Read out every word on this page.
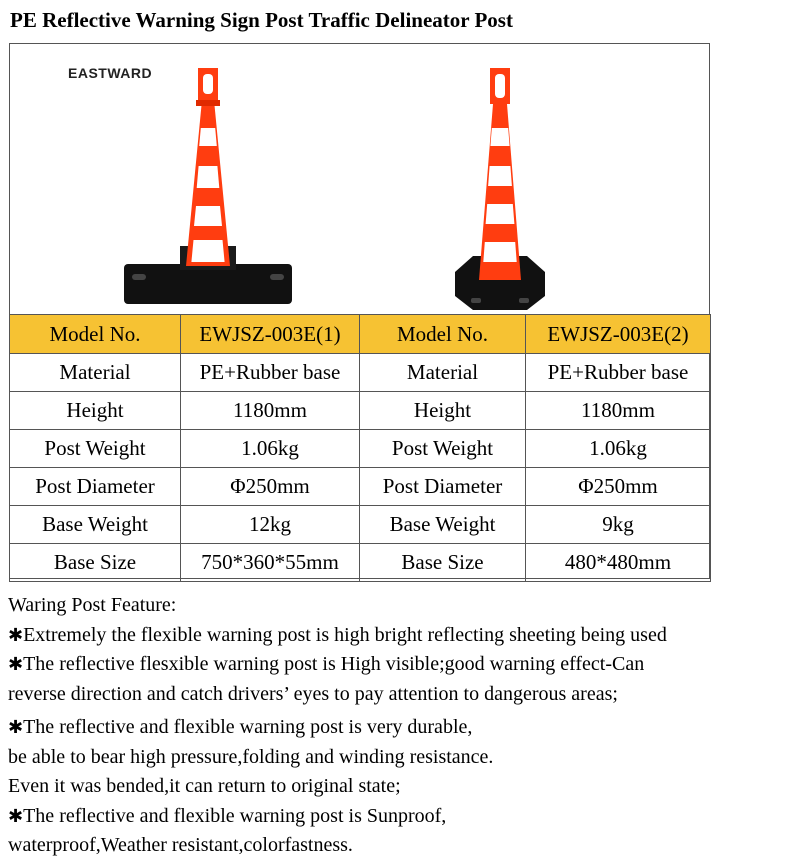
PE Reflective Warning Sign Post Traffic Delineator Post
EASTWARD
Model No.	EWJSZ-003E(1)	Model No.	EWJSZ-003E(2)
Material	PE+Rubber base	Material	PE+Rubber base
Height	1180mm	Height	1180mm
Post Weight	1.06kg	Post Weight	1.06kg
Post Diameter	Φ250mm	Post Diameter	Φ250mm
Base Weight	12kg	Base Weight	9kg
Base Size	750*360*55mm	Base Size	480*480mm

Waring Post Feature:

✱Extremely the flexible warning post is high bright reflecting sheeting being used

✱The reflective flesxible warning post is High visible;good warning effect-Can

reverse direction and catch drivers’ eyes to pay attention to dangerous areas;

✱The reflective and flexible warning post is very durable,

be able to bear high pressure,folding and winding resistance.

Even it was bended,it can return to original state;

✱The reflective and flexible warning post is Sunproof,

waterproof,Weather resistant,colorfastness.
